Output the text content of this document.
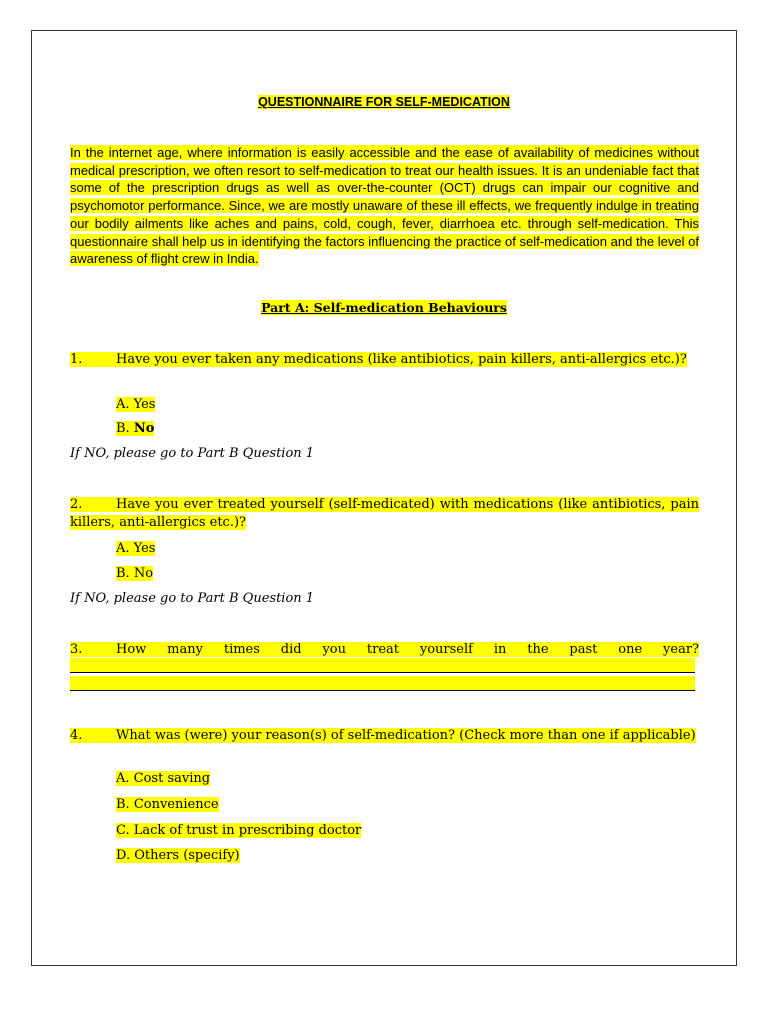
QUESTIONNAIRE FOR SELF-MEDICATION
In the internet age, where information is easily accessible and the ease of availability of medicines without medical prescription, we often resort to self-medication to treat our health issues. It is an undeniable fact that some of the prescription drugs as well as over-the-counter (OCT) drugs can impair our cognitive and psychomotor performance. Since, we are mostly unaware of these ill effects, we frequently indulge in treating our bodily ailments like aches and pains, cold, cough, fever, diarrhoea etc. through self-medication. This questionnaire shall help us in identifying the factors influencing the practice of self-medication and the level of awareness of flight crew in India.
Part A: Self-medication Behaviours
1.	Have you ever taken any medications (like antibiotics, pain killers, anti-allergics etc.)?
A. Yes
B. No
If NO, please go to Part B Question 1
2.	Have you ever treated yourself (self-medicated) with medications (like antibiotics, pain killers, anti-allergics etc.)?
A. Yes
B. No
If NO, please go to Part B Question 1
3.	How many times did you treat yourself in the past one year?
4.	What was (were) your reason(s) of self-medication? (Check more than one if applicable)
A. Cost saving
B. Convenience
C. Lack of trust in prescribing doctor
D. Others (specify)
